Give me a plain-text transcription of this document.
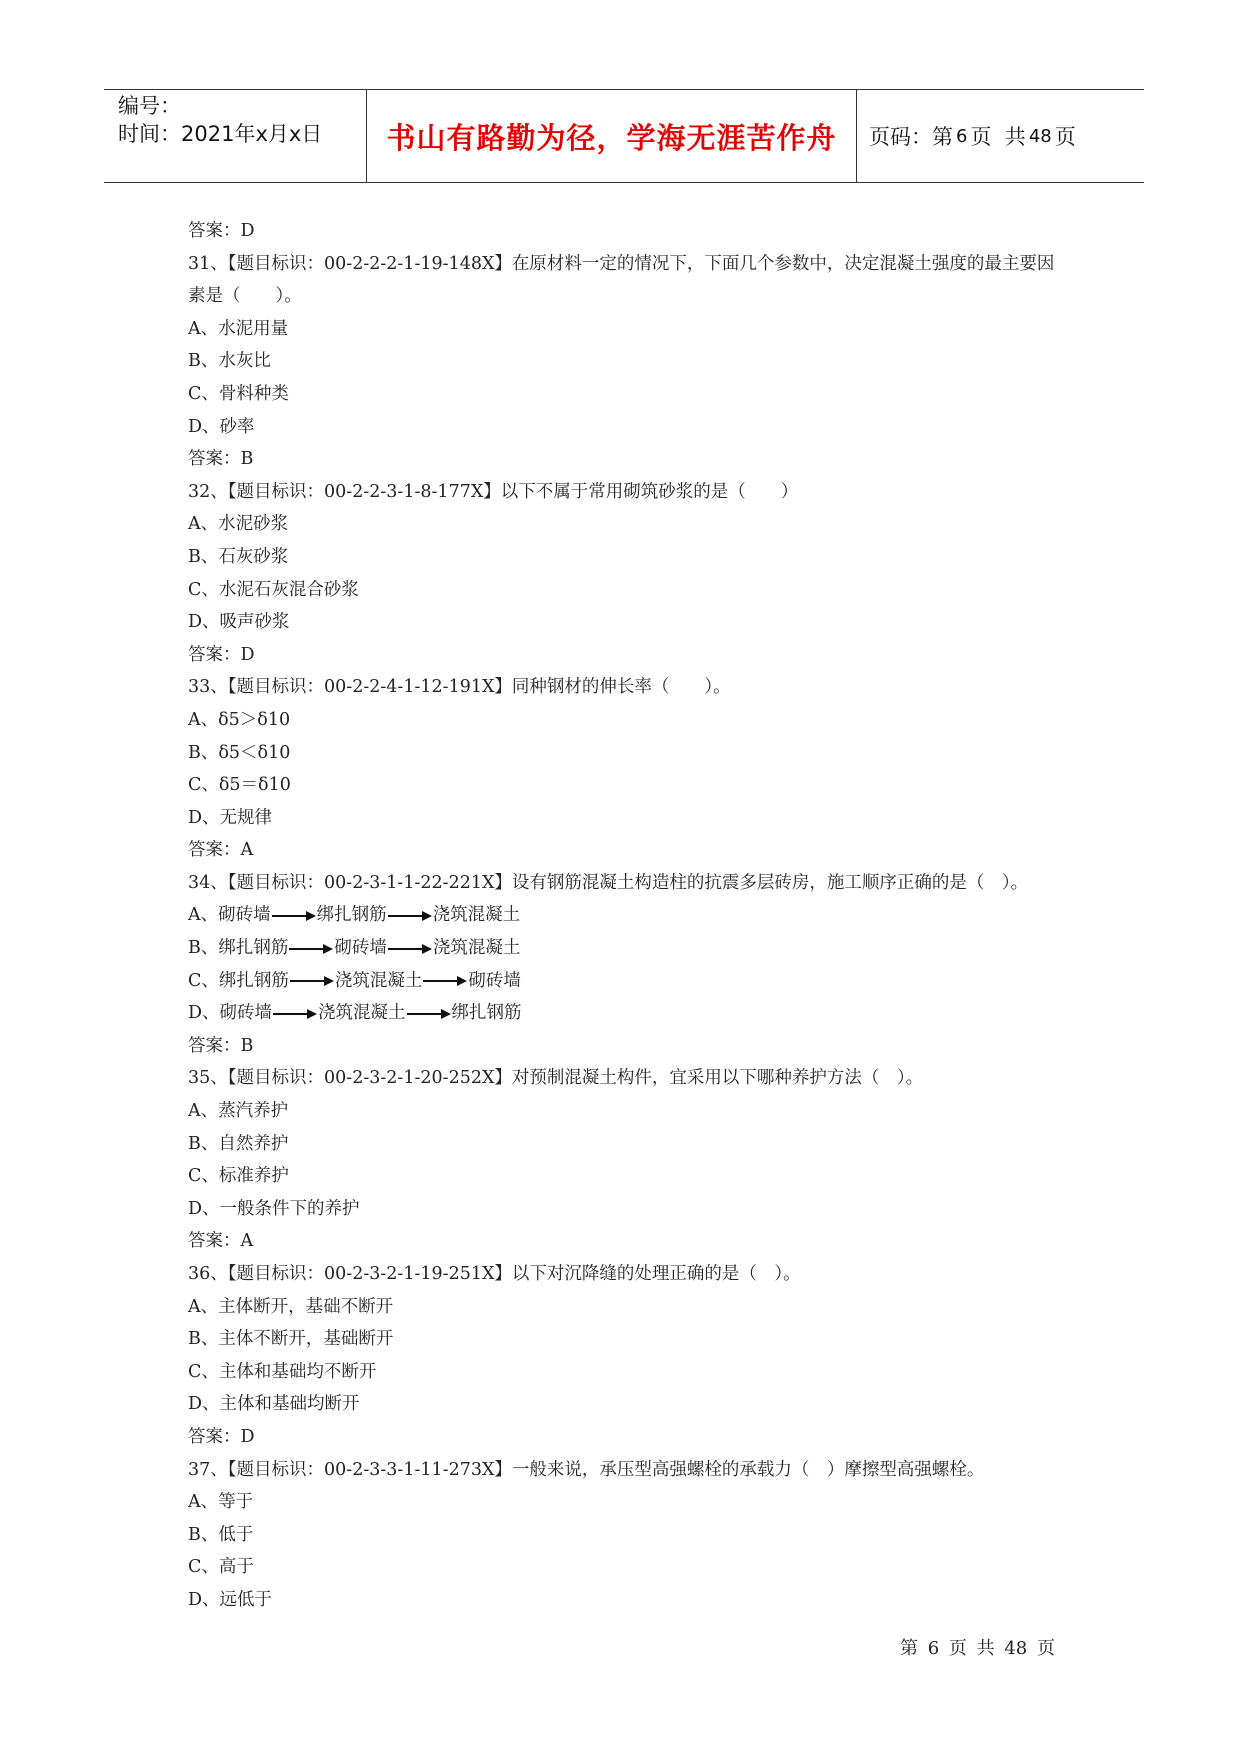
编号：
时间：2021年x月x日	书山有路勤为径，学海无涯苦作舟 页码：第 6 页  共 48 页
答案：D
31、【题目标识：00-2-2-2-1-19-148X】在原材料一定的情况下，下面几个参数中，决定混凝土强度的最主要因素是（　　）。
A、水泥用量
B、水灰比
C、骨料种类
D、砂率
答案：B
32、【题目标识：00-2-2-3-1-8-177X】以下不属于常用砌筑砂浆的是（　　）
A、水泥砂浆
B、石灰砂浆
C、水泥石灰混合砂浆
D、吸声砂浆
答案：D
33、【题目标识：00-2-2-4-1-12-191X】同种钢材的伸长率（　　）。
A、δ5＞δ10
B、δ5＜δ10
C、δ5＝δ10
D、无规律
答案：A
34、【题目标识：00-2-3-1-1-22-221X】设有钢筋混凝土构造柱的抗震多层砖房，施工顺序正确的是（　）。
A、砌砖墙	绑扎钢筋	浇筑混凝土
B、绑扎钢筋	砌砖墙	浇筑混凝土
C、绑扎钢筋	浇筑混凝土	砌砖墙
D、砌砖墙	浇筑混凝土	绑扎钢筋
答案：B
35、【题目标识：00-2-3-2-1-20-252X】对预制混凝土构件，宜采用以下哪种养护方法（　）。
A、蒸汽养护
B、自然养护
C、标准养护
D、一般条件下的养护
答案：A
36、【题目标识：00-2-3-2-1-19-251X】以下对沉降缝的处理正确的是（　）。
A、主体断开，基础不断开
B、主体不断开，基础断开
C、主体和基础均不断开
D、主体和基础均断开
答案：D
37、【题目标识：00-2-3-3-1-11-273X】一般来说，承压型高强螺栓的承载力（　）摩擦型高强螺栓。
A、等于
B、低于
C、高于
D、远低于
第 6 页 共 48 页
